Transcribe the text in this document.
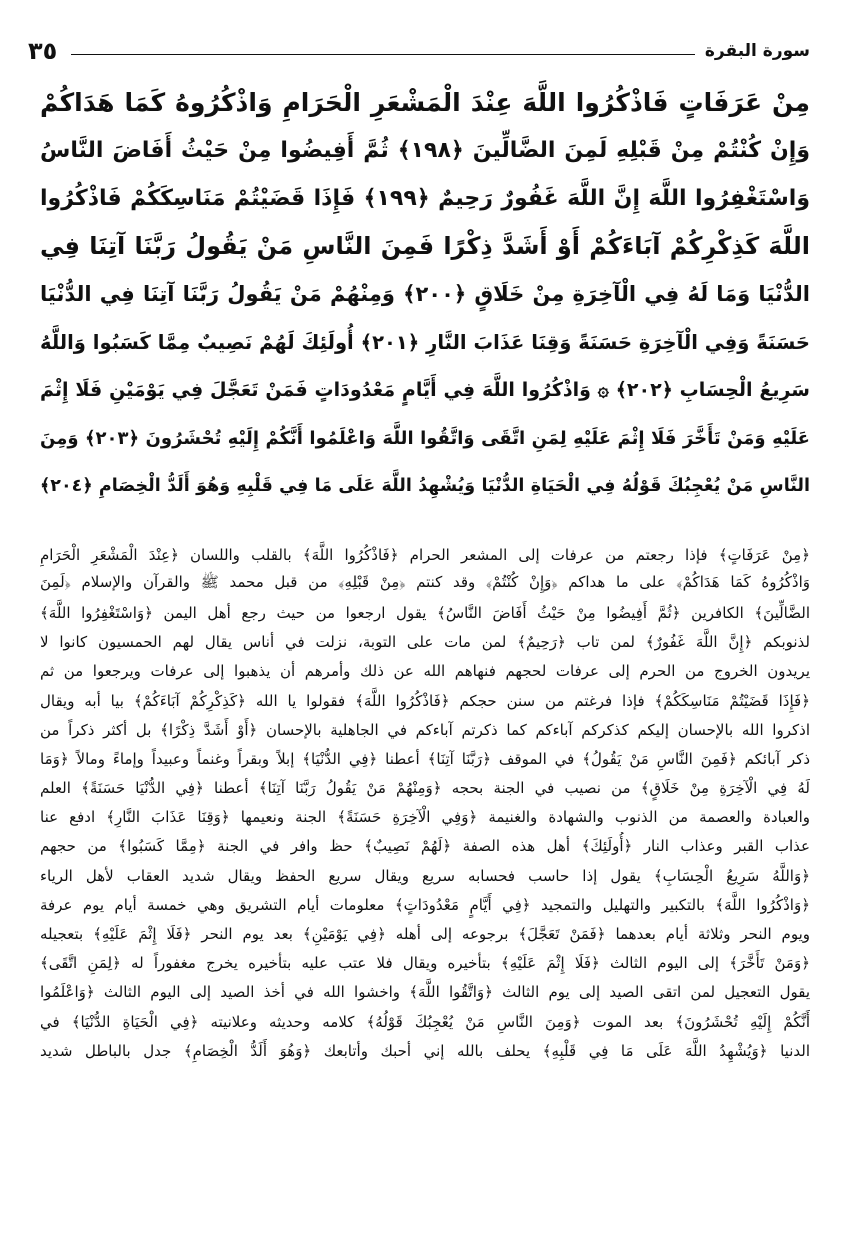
٣٥	سورة البقرة
مِنْ عَرَفَاتٍ فَاذْكُرُوا اللَّهَ عِنْدَ الْمَشْعَرِ الْحَرَامِ وَاذْكُرُوهُ كَمَا هَدَاكُمْ
وَإِنْ كُنْتُمْ مِنْ قَبْلِهِ لَمِنَ الضَّالِّينَ ﴿١٩٨﴾ ثُمَّ أَفِيضُوا مِنْ حَيْثُ أَفَاضَ النَّاسُ
وَاسْتَغْفِرُوا اللَّهَ إِنَّ اللَّهَ غَفُورٌ رَحِيمٌ ﴿١٩٩﴾ فَإِذَا قَضَيْتُمْ مَنَاسِكَكُمْ فَاذْكُرُوا
اللَّهَ كَذِكْرِكُمْ آبَاءَكُمْ أَوْ أَشَدَّ ذِكْرًا فَمِنَ النَّاسِ مَنْ يَقُولُ رَبَّنَا آتِنَا فِي
الدُّنْيَا وَمَا لَهُ فِي الْآخِرَةِ مِنْ خَلَاقٍ ﴿٢٠٠﴾ وَمِنْهُمْ مَنْ يَقُولُ رَبَّنَا آتِنَا فِي الدُّنْيَا
حَسَنَةً وَفِي الْآخِرَةِ حَسَنَةً وَقِنَا عَذَابَ النَّارِ ﴿٢٠١﴾ أُولَئِكَ لَهُمْ نَصِيبٌ مِمَّا كَسَبُوا وَاللَّهُ
سَرِيعُ الْحِسَابِ ﴿٢٠٢﴾ ۞ وَاذْكُرُوا اللَّهَ فِي أَيَّامٍ مَعْدُودَاتٍ فَمَنْ تَعَجَّلَ فِي يَوْمَيْنِ فَلَا إِثْمَ
عَلَيْهِ وَمَنْ تَأَخَّرَ فَلَا إِثْمَ عَلَيْهِ لِمَنِ اتَّقَى وَاتَّقُوا اللَّهَ وَاعْلَمُوا أَنَّكُمْ إِلَيْهِ تُحْشَرُونَ ﴿٢٠٣﴾ وَمِنَ
النَّاسِ مَنْ يُعْجِبُكَ قَوْلُهُ فِي الْحَيَاةِ الدُّنْيَا وَيُشْهِدُ اللَّهَ عَلَى مَا فِي قَلْبِهِ وَهُوَ أَلَدُّ الْخِصَامِ ﴿٢٠٤﴾
﴿مِنْ عَرَفَاتٍ﴾ فإذا رجعتم من عرفات إلى المشعر الحرام ﴿فَاذْكُرُوا اللَّهَ﴾ بالقلب واللسان ﴿عِنْدَ الْمَشْعَرِ الْحَرَامِ
وَاذْكُرُوهُ كَمَا هَدَاكُمْ﴾ على ما هداكم ﴿وَإِنْ كُنْتُمْ﴾ وقد كنتم ﴿مِنْ قَبْلِهِ﴾ من قبل محمد ﷺ والقرآن والإسلام ﴿لَمِنَ
الضَّالِّينَ﴾ الكافرين ﴿ثُمَّ أَفِيضُوا مِنْ حَيْثُ أَفَاضَ النَّاسُ﴾ يقول ارجعوا من حيث رجع أهل اليمن ﴿وَاسْتَغْفِرُوا اللَّهَ﴾
لذنوبكم ﴿إِنَّ اللَّهَ غَفُورٌ﴾ لمن تاب ﴿رَحِيمٌ﴾ لمن مات على التوبة، نزلت في أناس يقال لهم الحمسيون كانوا لا
يريدون الخروج من الحرم إلى عرفات لحجهم فنهاهم الله عن ذلك وأمرهم أن يذهبوا إلى عرفات ويرجعوا من ثم
﴿فَإِذَا قَضَيْتُمْ مَنَاسِكَكُمْ﴾ فإذا فرغتم من سنن حجكم ﴿فَاذْكُرُوا اللَّهَ﴾ فقولوا يا الله ﴿كَذِكْرِكُمْ آبَاءَكُمْ﴾ بيا أبه ويقال
اذكروا الله بالإحسان إليكم كذكركم آباءكم كما ذكرتم آباءكم في الجاهلية بالإحسان ﴿أَوْ أَشَدَّ ذِكْرًا﴾ بل أكثر ذكراً من
ذكر آبائكم ﴿فَمِنَ النَّاسِ مَنْ يَقُولُ﴾ في الموقف ﴿رَبَّنَا آتِنَا﴾ أعطنا ﴿فِي الدُّنْيَا﴾ إبلاً وبقراً وغنماً وعبيداً وإماءً ومالاً ﴿وَمَا
لَهُ فِي الْآخِرَةِ مِنْ خَلَاقٍ﴾ من نصيب في الجنة بحجه ﴿وَمِنْهُمْ مَنْ يَقُولُ رَبَّنَا آتِنَا﴾ أعطنا ﴿فِي الدُّنْيَا حَسَنَةً﴾ العلم
والعبادة والعصمة من الذنوب والشهادة والغنيمة ﴿وَفِي الْآخِرَةِ حَسَنَةً﴾ الجنة ونعيمها ﴿وَقِنَا عَذَابَ النَّارِ﴾ ادفع عنا
عذاب القبر وعذاب النار ﴿أُولَئِكَ﴾ أهل هذه الصفة ﴿لَهُمْ نَصِيبٌ﴾ حظ وافر في الجنة ﴿مِمَّا كَسَبُوا﴾ من حجهم
﴿وَاللَّهُ سَرِيعُ الْحِسَابِ﴾ يقول إذا حاسب فحسابه سريع ويقال سريع الحفظ ويقال شديد العقاب لأهل الرياء
﴿وَاذْكُرُوا اللَّهَ﴾ بالتكبير والتهليل والتمجيد ﴿فِي أَيَّامٍ مَعْدُودَاتٍ﴾ معلومات أيام التشريق وهي خمسة أيام يوم عرفة
ويوم النحر وثلاثة أيام بعدهما ﴿فَمَنْ تَعَجَّلَ﴾ برجوعه إلى أهله ﴿فِي يَوْمَيْنِ﴾ بعد يوم النحر ﴿فَلَا إِثْمَ عَلَيْهِ﴾ بتعجيله
﴿وَمَنْ تَأَخَّرَ﴾ إلى اليوم الثالث ﴿فَلَا إِثْمَ عَلَيْهِ﴾ بتأخيره ويقال فلا عتب عليه بتأخيره يخرج مغفوراً له ﴿لِمَنِ اتَّقَى﴾
يقول التعجيل لمن اتقى الصيد إلى يوم الثالث ﴿وَاتَّقُوا اللَّهَ﴾ واخشوا الله في أخذ الصيد إلى اليوم الثالث ﴿وَاعْلَمُوا
أَنَّكُمْ إِلَيْهِ تُحْشَرُونَ﴾ بعد الموت ﴿وَمِنَ النَّاسِ مَنْ يُعْجِبُكَ قَوْلُهُ﴾ كلامه وحديثه وعلانيته ﴿فِي الْحَيَاةِ الدُّنْيَا﴾ في
الدنيا ﴿وَيُشْهِدُ اللَّهَ عَلَى مَا فِي قَلْبِهِ﴾ يحلف بالله إني أحبك وأتابعك ﴿وَهُوَ أَلَدُّ الْخِصَامِ﴾ جدل بالباطل شديد
